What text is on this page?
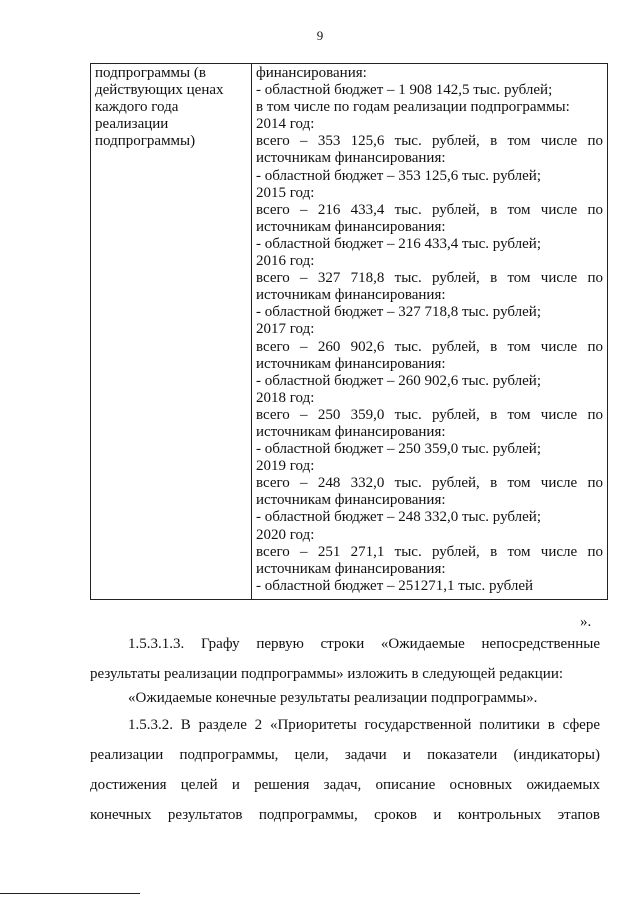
9
подпрограммы (в
действующих ценах
каждого года
реализации
подпрограммы)

финансирования:
- областной бюджет – 1 908 142,5 тыс. рублей;
в том числе по годам реализации подпрограммы:
2014 год:
всего – 353 125,6 тыс. рублей, в том числе по
источникам финансирования:
- областной бюджет – 353 125,6 тыс. рублей;
2015 год:
всего – 216 433,4 тыс. рублей, в том числе по
источникам финансирования:
- областной бюджет – 216 433,4 тыс. рублей;
2016 год:
всего – 327 718,8 тыс. рублей, в том числе по
источникам финансирования:
- областной бюджет – 327 718,8 тыс. рублей;
2017 год:
всего – 260 902,6 тыс. рублей, в том числе по
источникам финансирования:
- областной бюджет – 260 902,6 тыс. рублей;
2018 год:
всего – 250 359,0 тыс. рублей, в том числе по
источникам финансирования:
- областной бюджет – 250 359,0 тыс. рублей;
2019 год:
всего – 248 332,0 тыс. рублей, в том числе по
источникам финансирования:
- областной бюджет – 248 332,0 тыс. рублей;
2020 год:
всего – 251 271,1 тыс. рублей, в том числе по
источникам финансирования:
- областной бюджет – 251271,1 тыс. рублей
».
1.5.3.1.3. Графу первую строки «Ожидаемые непосредственные
результаты реализации подпрограммы» изложить в следующей редакции:
«Ожидаемые конечные результаты реализации подпрограммы».
1.5.3.2. В разделе 2 «Приоритеты государственной политики в сфере
реализации подпрограммы, цели, задачи и показатели (индикаторы)
достижения целей и решения задач, описание основных ожидаемых
конечных результатов подпрограммы, сроков и контрольных этапов
